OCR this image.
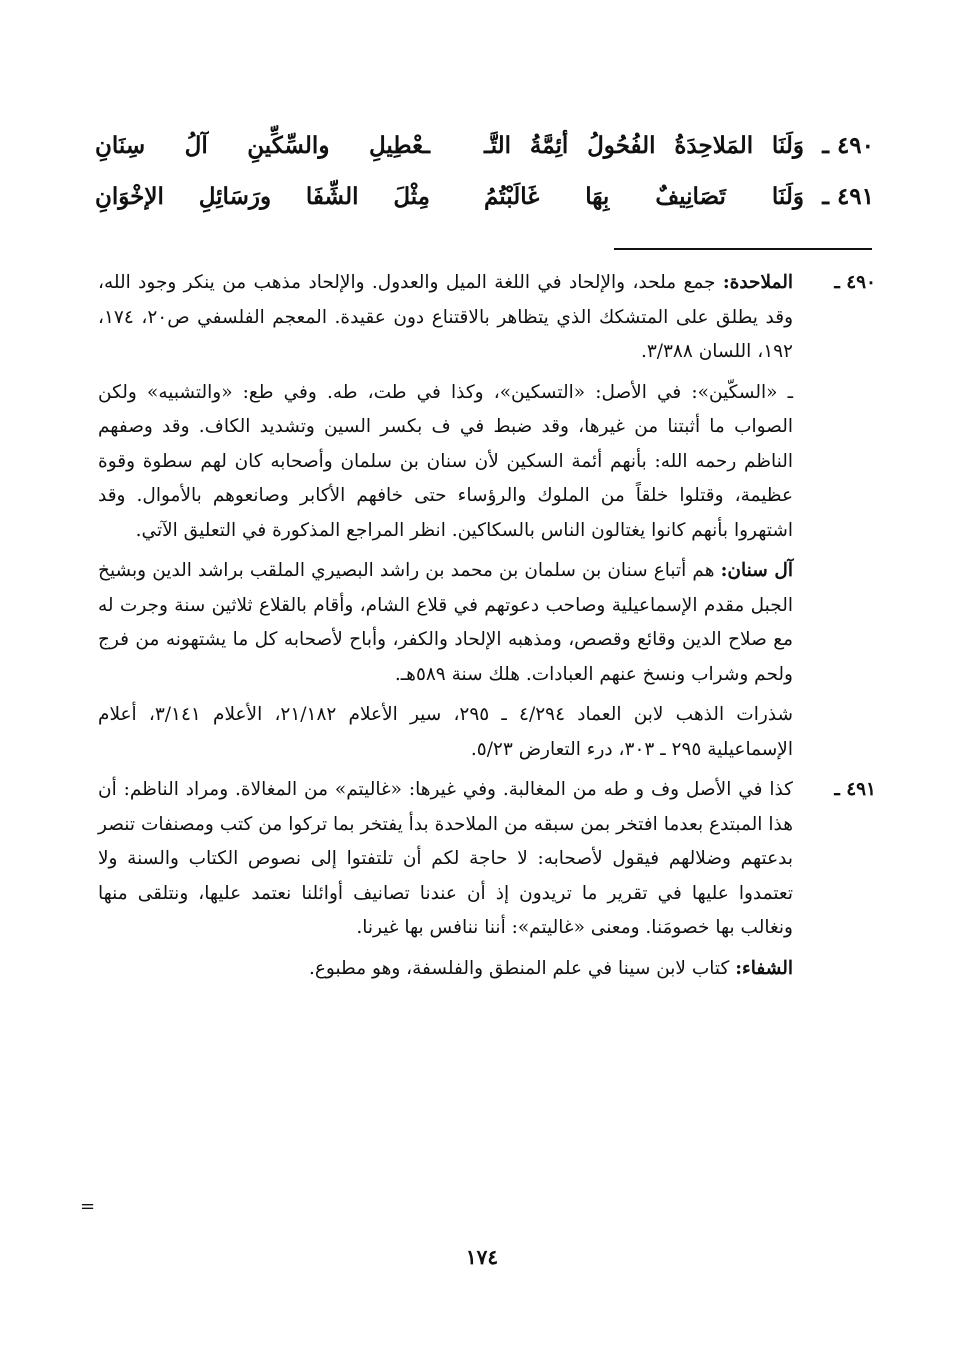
٤٩٠ ـ
وَلَنَا المَلاحِدَةُ الفُحُولُ أئِمَّةُ التَّـ
ـعْطِيلِ والسِّكِّينِ آلُ سِنَانِ
٤٩١ ـ
وَلَنَا تَصَانِيفٌ بِهَا غَالَبْتُمُ
مِثْلَ الشِّفَا ورَسَائِلِ الإخْوَانِ

٤٩٠ ـ
الملاحدة: جمع ملحد، والإلحاد في اللغة الميل والعدول. والإلحاد مذهب من ينكر وجود الله، وقد يطلق على المتشكك الذي يتظاهر بالاقتناع دون عقيدة. المعجم الفلسفي ص٢٠، ١٧٤، ١٩٢، اللسان ٣/٣٨٨.

ـ «السكّين»: في الأصل: «التسكين»، وكذا في طت، طه. وفي طع: «والتشبيه» ولكن الصواب ما أثبتنا من غيرها، وقد ضبط في ف بكسر السين وتشديد الكاف. وقد وصفهم الناظم رحمه الله: بأنهم أئمة السكين لأن سنان بن سلمان وأصحابه كان لهم سطوة وقوة عظيمة، وقتلوا خلقاً من الملوك والرؤساء حتى خافهم الأكابر وصانعوهم بالأموال. وقد اشتهروا بأنهم كانوا يغتالون الناس بالسكاكين. انظر المراجع المذكورة في التعليق الآتي.

آل سنان: هم أتباع سنان بن سلمان بن محمد بن راشد البصيري الملقب براشد الدين وبشيخ الجبل مقدم الإسماعيلية وصاحب دعوتهم في قلاع الشام، وأقام بالقلاع ثلاثين سنة وجرت له مع صلاح الدين وقائع وقصص، ومذهبه الإلحاد والكفر، وأباح لأصحابه كل ما يشتهونه من فرج ولحم وشراب ونسخ عنهم العبادات. هلك سنة ٥٨٩هـ.

شذرات الذهب لابن العماد ٤/٢٩٤ ـ ٢٩٥، سير الأعلام ٢١/١٨٢، الأعلام ٣/١٤١، أعلام الإسماعيلية ٢٩٥ ـ ٣٠٣، درء التعارض ٥/٢٣.

٤٩١ ـ
كذا في الأصل وف و طه من المغالبة. وفي غيرها: «غاليتم» من المغالاة. ومراد الناظم: أن هذا المبتدع بعدما افتخر بمن سبقه من الملاحدة بدأ يفتخر بما تركوا من كتب ومصنفات تنصر بدعتهم وضلالهم فيقول لأصحابه: لا حاجة لكم أن تلتفتوا إلى نصوص الكتاب والسنة ولا تعتمدوا عليها في تقرير ما تريدون إذ أن عندنا تصانيف أوائلنا نعتمد عليها، ونتلقى منها ونغالب بها خصومَنا. ومعنى «غاليتم»: أننا ننافس بها غيرنا.

الشفاء: كتاب لابن سينا في علم المنطق والفلسفة، وهو مطبوع.

=
١٧٤
